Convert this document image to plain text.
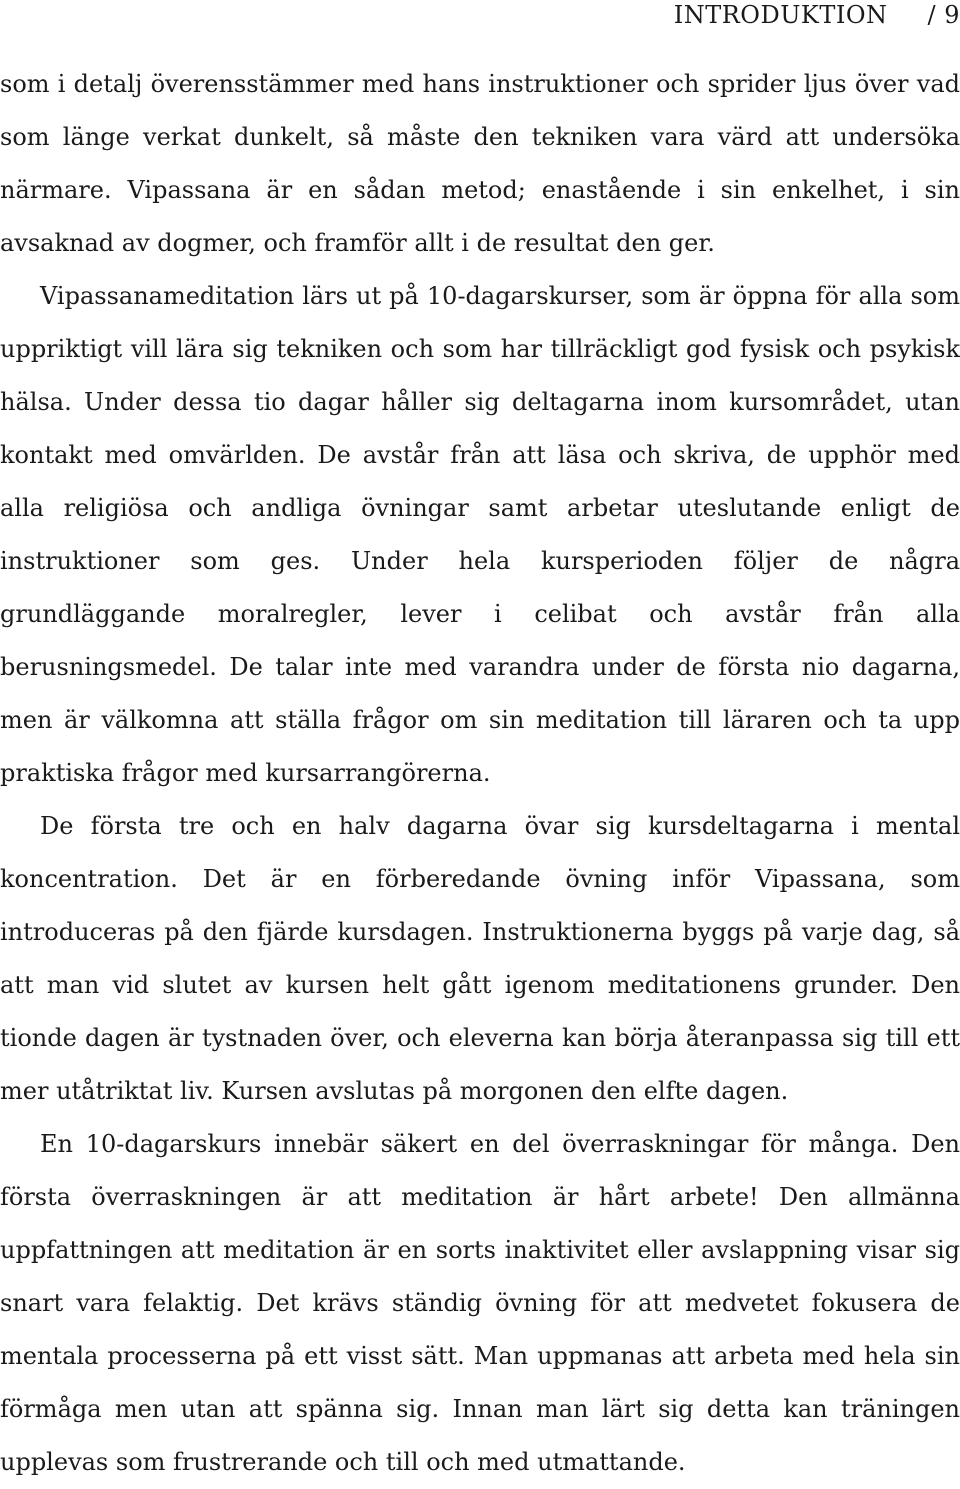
INTRODUKTION / 9

som i detalj överensstämmer med hans instruktioner och sprider ljus över vad som länge verkat dunkelt, så måste den tekniken vara värd att undersöka närmare. Vipassana är en sådan metod; enastående i sin enkelhet, i sin avsaknad av dogmer, och framför allt i de resultat den ger.

Vipassanameditation lärs ut på 10-dagarskurser, som är öppna för alla som uppriktigt vill lära sig tekniken och som har tillräckligt god fysisk och psykisk hälsa. Under dessa tio dagar håller sig deltagarna inom kursområdet, utan kontakt med omvärlden. De avstår från att läsa och skriva, de upphör med alla religiösa och andliga övningar samt arbetar uteslutande enligt de instruktioner som ges. Under hela kursperioden följer de några grundläggande moralregler, lever i celibat och avstår från alla berusningsmedel. De talar inte med varandra under de första nio dagarna, men är välkomna att ställa frågor om sin meditation till läraren och ta upp praktiska frågor med kursarrangörerna.

De första tre och en halv dagarna övar sig kursdeltagarna i mental koncentration. Det är en förberedande övning inför Vipassana, som introduceras på den fjärde kursdagen. Instruktionerna byggs på varje dag, så att man vid slutet av kursen helt gått igenom meditationens grunder. Den tionde dagen är tystnaden över, och eleverna kan börja återanpassa sig till ett mer utåtriktat liv. Kursen avslutas på morgonen den elfte dagen.

En 10-dagarskurs innebär säkert en del överraskningar för många. Den första överraskningen är att meditation är hårt arbete! Den allmänna uppfattningen att meditation är en sorts inaktivitet eller avslappning visar sig snart vara felaktig. Det krävs ständig övning för att medvetet fokusera de mentala processerna på ett visst sätt. Man uppmanas att arbeta med hela sin förmåga men utan att spänna sig. Innan man lärt sig detta kan träningen upplevas som frustrerande och till och med utmattande.
